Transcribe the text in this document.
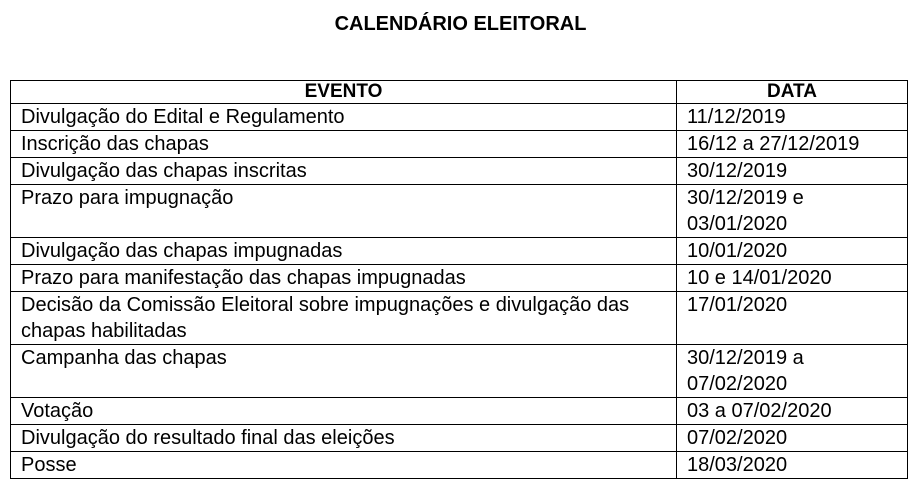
CALENDÁRIO ELEITORAL
EVENTO	DATA
Divulgação do Edital e Regulamento	11/12/2019
Inscrição das chapas	16/12 a 27/12/2019
Divulgação das chapas inscritas	30/12/2019
Prazo para impugnação	30/12/2019 e 03/01/2020
Divulgação das chapas impugnadas	10/01/2020
Prazo para manifestação das chapas impugnadas	10 e 14/01/2020
Decisão da Comissão Eleitoral sobre impugnações e divulgação das chapas habilitadas	17/01/2020
Campanha das chapas	30/12/2019 a 07/02/2020
Votação	03 a 07/02/2020
Divulgação do resultado final das eleições	07/02/2020
Posse	18/03/2020
